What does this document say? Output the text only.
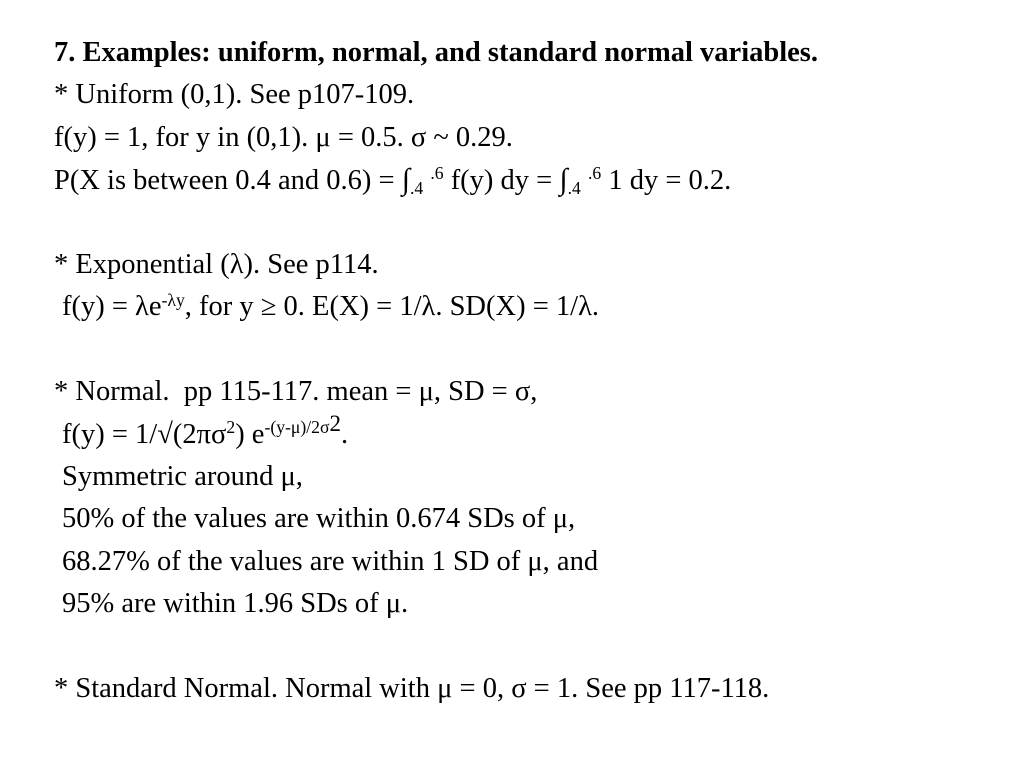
7. Examples: uniform, normal, and standard normal variables.
* Uniform (0,1). See p107-109.
f(y) = 1, for y in (0,1). μ = 0.5. σ ~ 0.29.
P(X is between 0.4 and $0.6) = \int_{.4}$ $^{.6}$ f(y) dy = $\int_{.4}$ $^{.6}$ 1 dy = 0.2.
* Exponential (λ). See p114.
$f(y) = \lambda e^{-\lambda y}$, for y ≥ 0. E(X) = 1/λ. SD(X) = 1/λ.
* Normal.  pp 115-117. mean = μ, SD = σ,
$f(y) = 1/√(2\pi\sigma^2)$ $e^{-(y-\mu)/2\sigma 2}$.
Symmetric around μ,
50% of the values are within 0.674 SDs of μ,
68.27% of the values are within 1 SD of μ, and
95% are within 1.96 SDs of μ.
* Standard Normal. Normal with μ = 0, σ = 1. See pp 117-118.
